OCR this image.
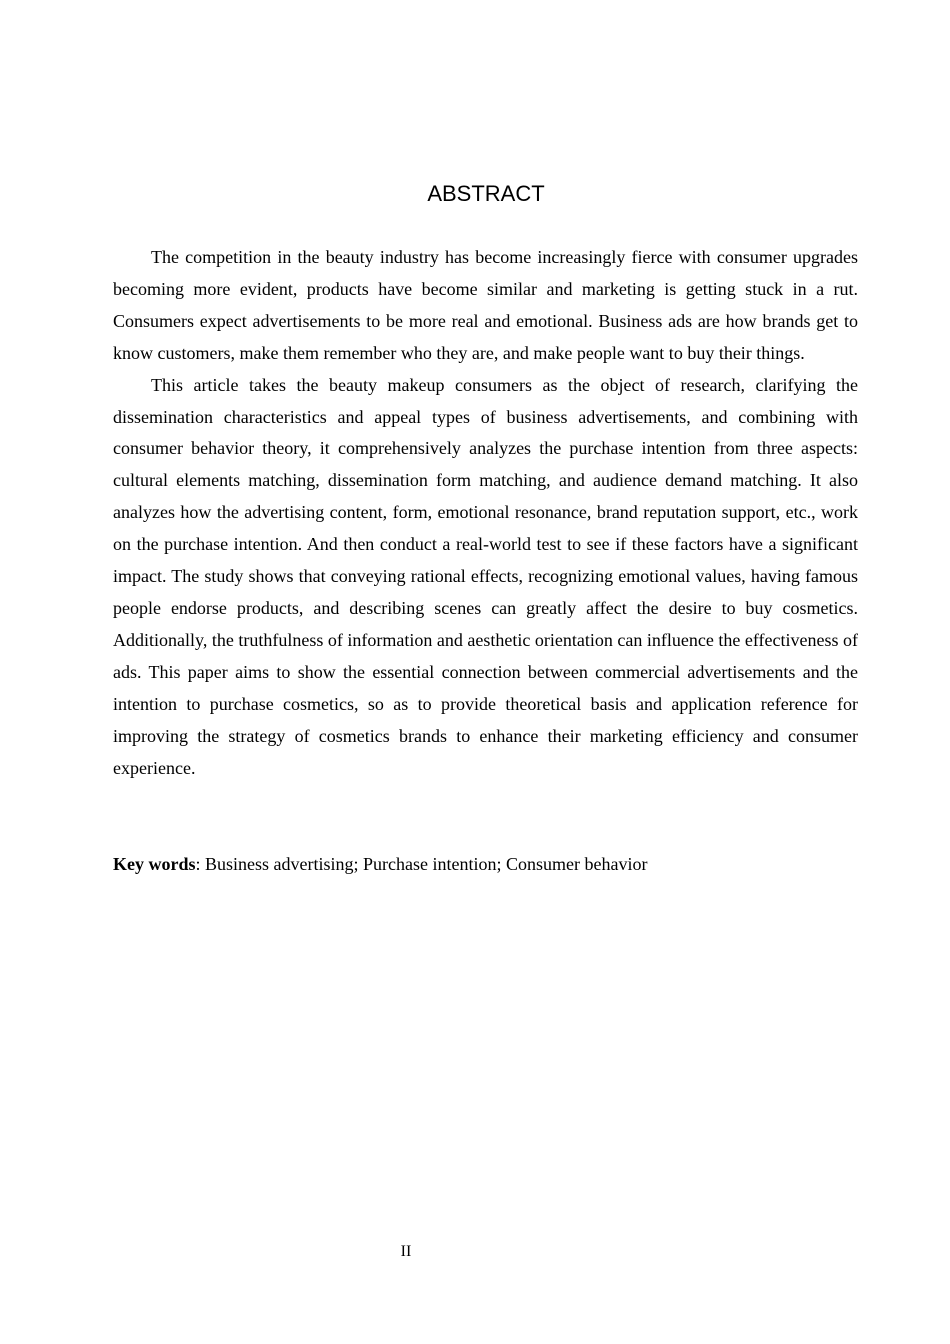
ABSTRACT

The competition in the beauty industry has become increasingly fierce with consumer upgrades becoming more evident, products have become similar and marketing is getting stuck in a rut. Consumers expect advertisements to be more real and emotional. Business ads are how brands get to know customers, make them remember who they are, and make people want to buy their things.

This article takes the beauty makeup consumers as the object of research, clarifying the dissemination characteristics and appeal types of business advertisements, and combining with consumer behavior theory, it comprehensively analyzes the purchase intention from three aspects: cultural elements matching, dissemination form matching, and audience demand matching. It also analyzes how the advertising content, form, emotional resonance, brand reputation support, etc., work on the purchase intention. And then conduct a real-world test to see if these factors have a significant impact. The study shows that conveying rational effects, recognizing emotional values, having famous people endorse products, and describing scenes can greatly affect the desire to buy cosmetics. Additionally, the truthfulness of information and aesthetic orientation can influence the effectiveness of ads. This paper aims to show the essential connection between commercial advertisements and the intention to purchase cosmetics, so as to provide theoretical basis and application reference for improving the strategy of cosmetics brands to enhance their marketing efficiency and consumer experience.

Key words: Business advertising; Purchase intention; Consumer behavior

II
